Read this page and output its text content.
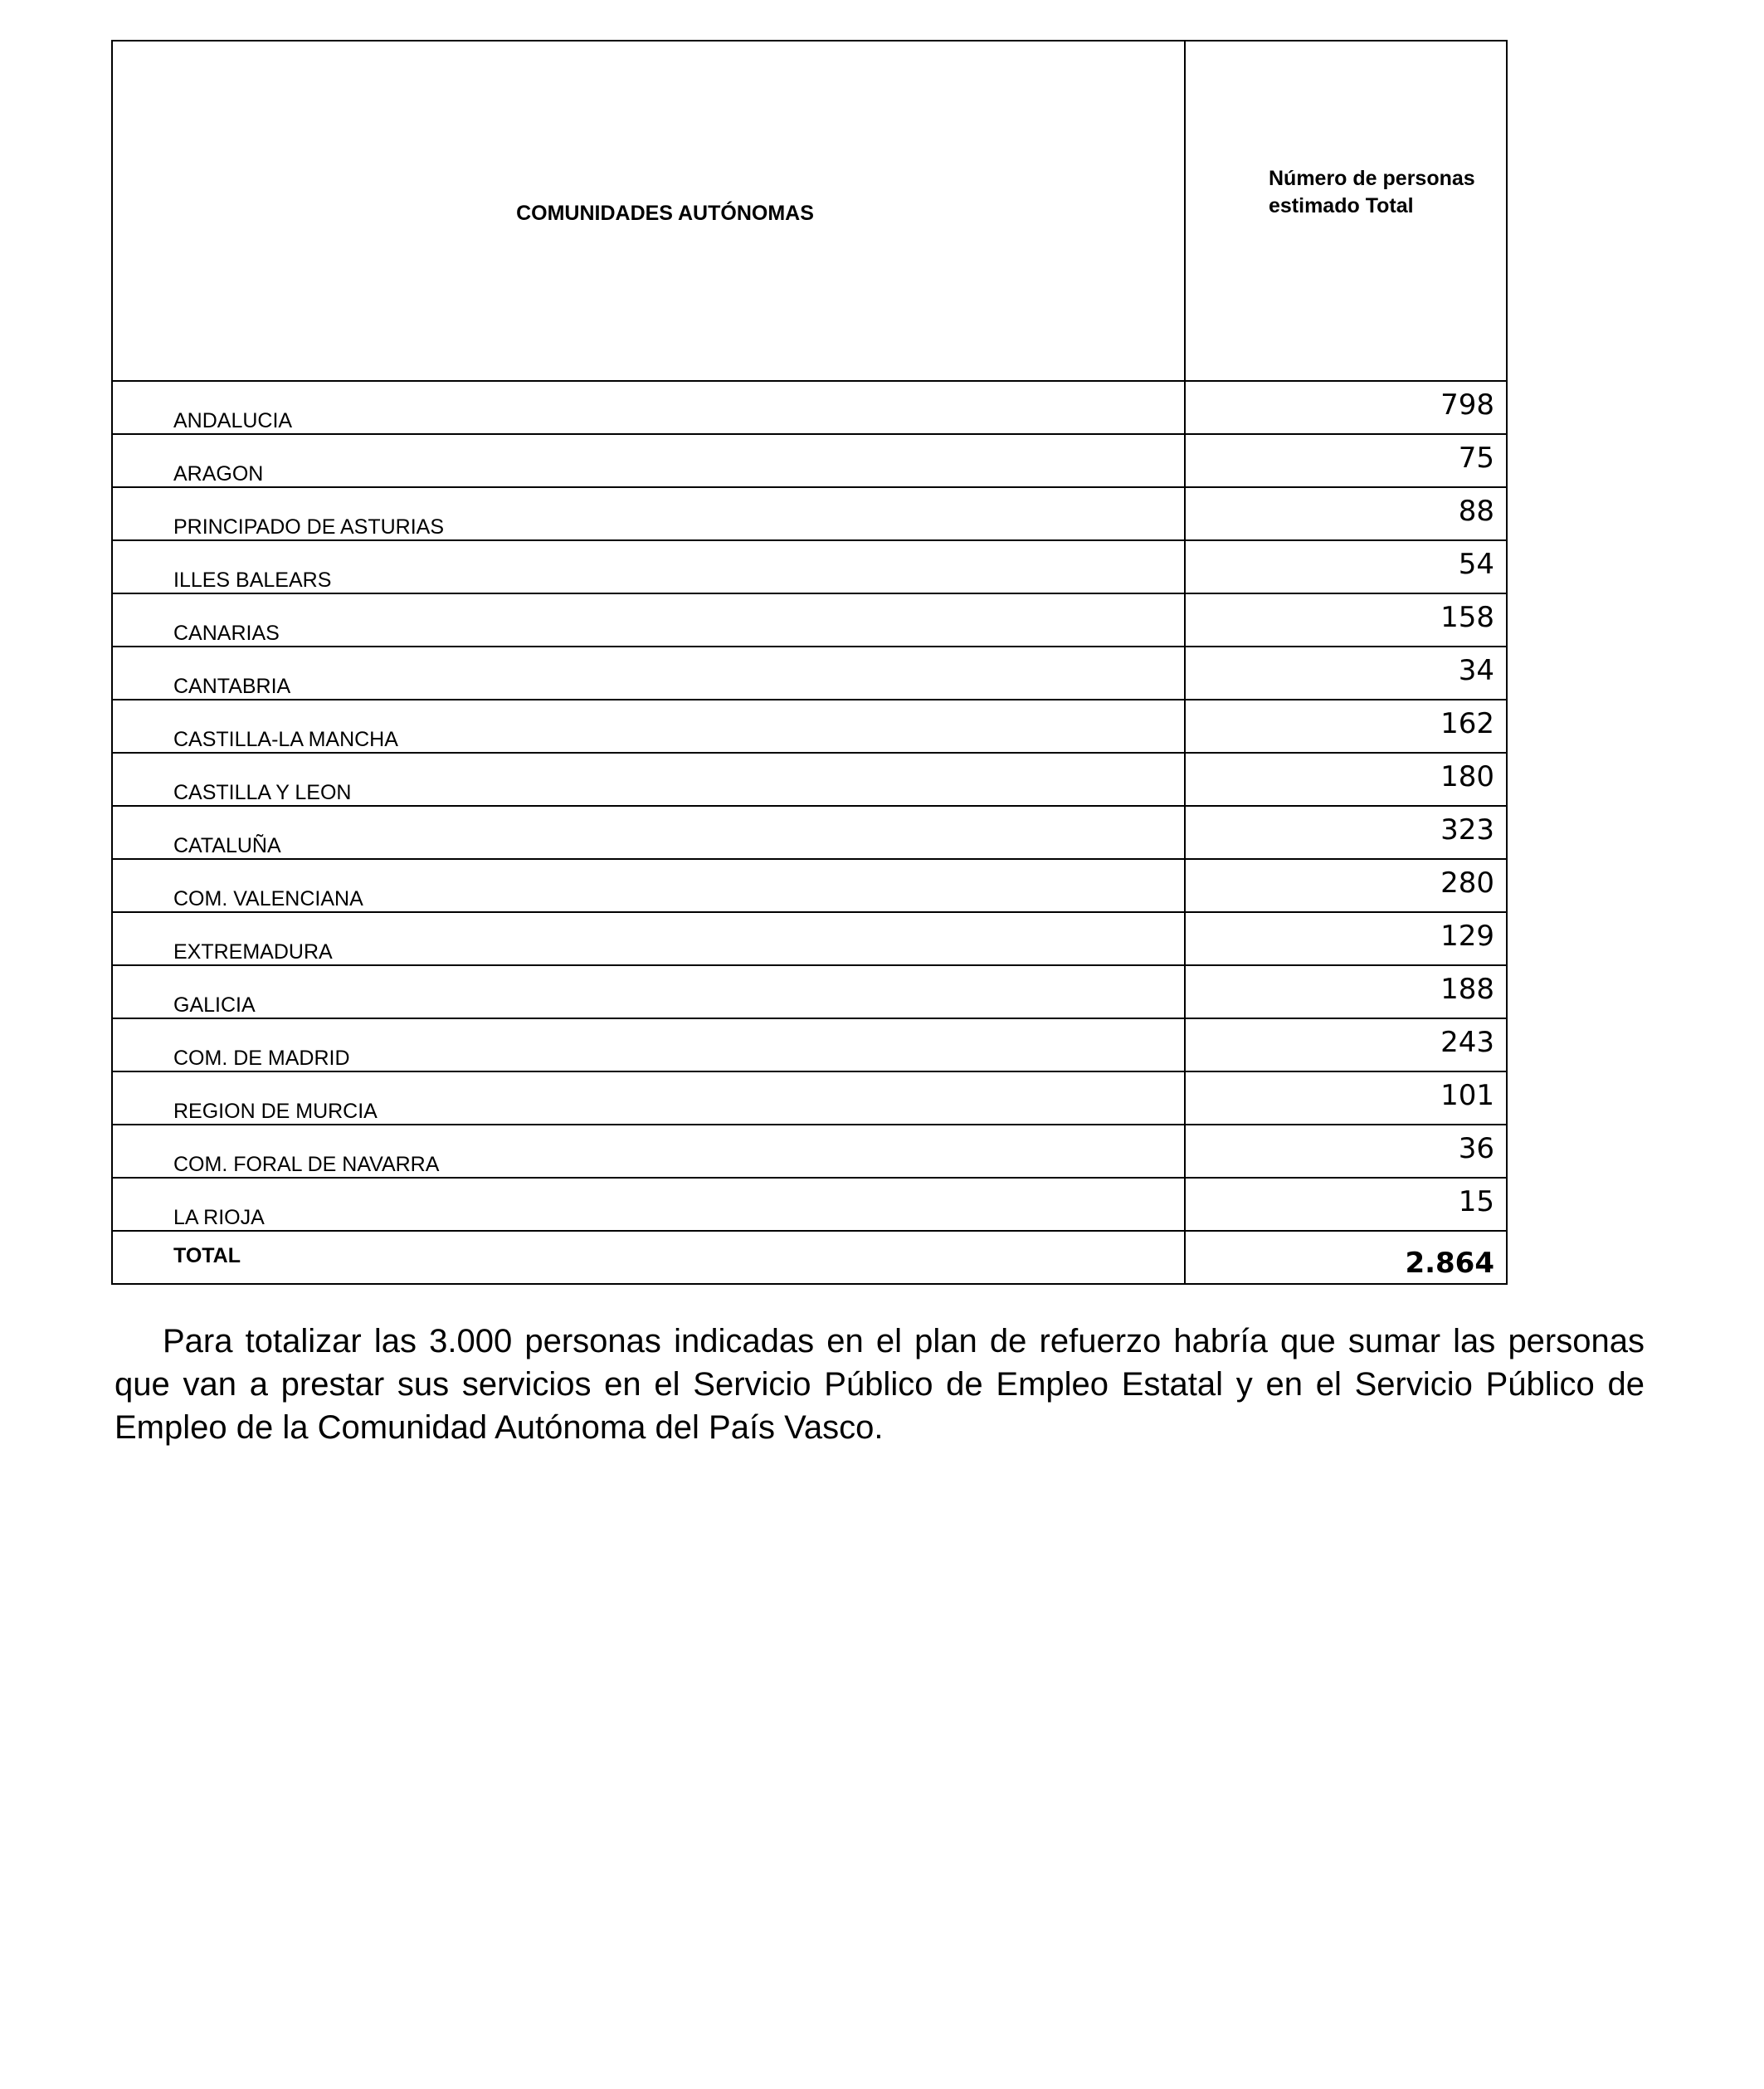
COMUNIDADES AUTÓNOMAS	Número de personas
estimado Total

ANDALUCIA	798
ARAGON	75
PRINCIPADO DE ASTURIAS	88
ILLES BALEARS	54
CANARIAS	158
CANTABRIA	34
CASTILLA-LA MANCHA	162
CASTILLA Y LEON	180
CATALUÑA	323
COM. VALENCIANA	280
EXTREMADURA	129
GALICIA	188
COM. DE MADRID	243
REGION DE MURCIA	101
COM. FORAL DE NAVARRA	36
LA RIOJA	15
TOTAL	2.864

Para totalizar las 3.000 personas indicadas en el plan de refuerzo habría que sumar las personas que van a prestar sus servicios en el Servicio Público de Empleo Estatal y en el Servicio Público de Empleo de la Comunidad Autónoma del País Vasco.
